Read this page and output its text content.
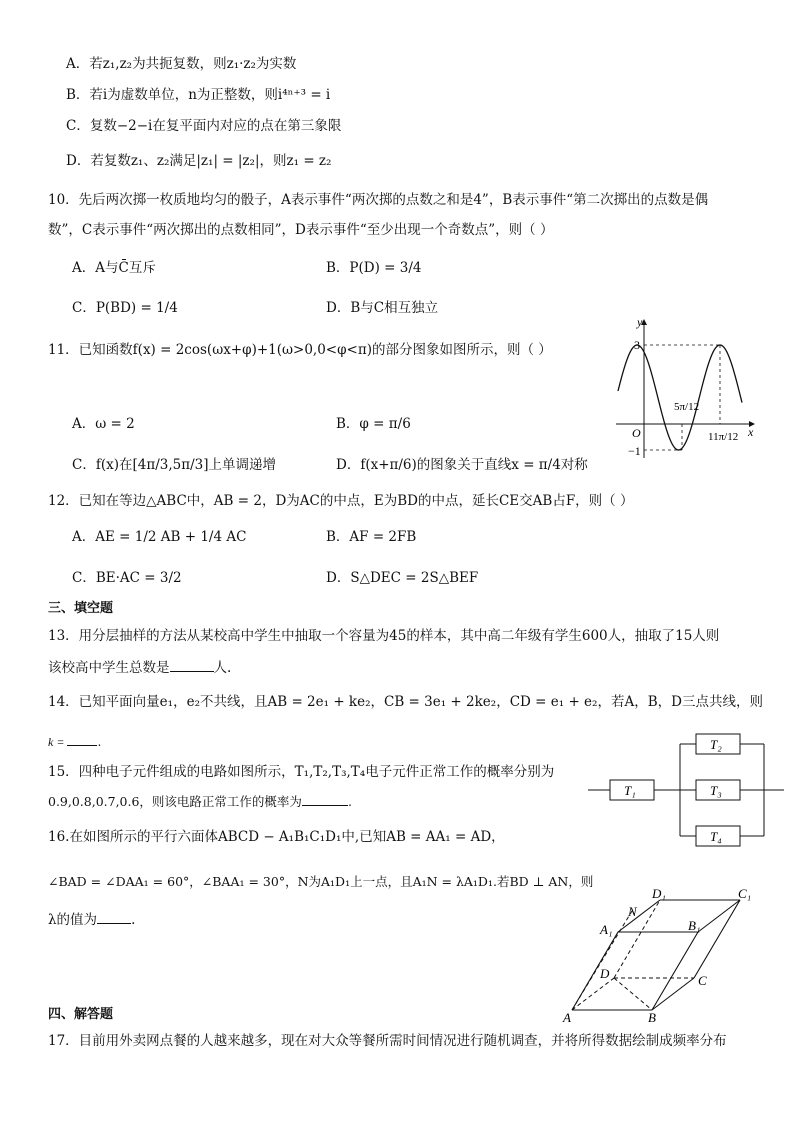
A．若z₁,z₂为共扼复数，则z₁·z₂为实数
B．若i为虚数单位，n为正整数，则i⁴ⁿ⁺³ = i
C．复数−2−i在复平面内对应的点在第三象限
D．若复数z₁、z₂满足|z₁| = |z₂|，则z₁ = z₂
10．先后两次掷一枚质地均匀的骰子，A表示事件“两次掷的点数之和是4”，B表示事件“第二次掷出的点数是偶
数”，C表示事件“两次掷出的点数相同”，D表示事件“至少出现一个奇数点”，则（ ）
A．A与C̄互斥	B．P(D) = 3/4
C．P(BD) = 1/4	D．B与C相互独立
11．已知函数f(x) = 2cos(ωx+φ)+1(ω>0,0<φ<π)的部分图象如图所示，则（ ）
A．ω = 2	B．φ = π/6
C．f(x)在[4π/3,5π/3]上单调递增	D．f(x+π/6)的图象关于直线x = π/4对称
y
x
O
3
−1
5π/12
11π/12
12．已知在等边△ABC中，AB = 2，D为AC的中点，E为BD的中点，延长CE交AB占F，则（ ）
A．AE = 1/2 AB + 1/4 AC	B．AF = 2FB
C．BE·AC = 3/2	D．S△DEC = 2S△BEF
三、填空题
13．用分层抽样的方法从某校高中学生中抽取一个容量为45的样本，其中高二年级有学生600人，抽取了15人则
该校高中学生总数是	人.
14．已知平面向量e₁，e₂不共线，且AB = 2e₁ + ke₂，CB = 3e₁ + 2ke₂，CD = e₁ + e₂，若A，B，D三点共线，则
k =	.
15．四种电子元件组成的电路如图所示，T₁,T₂,T₃,T₄电子元件正常工作的概率分别为
0.9,0.8,0.7,0.6，则该电路正常工作的概率为	.
T₁
T₂
T₃
T₄
16.在如图所示的平行六面体ABCD − A₁B₁C₁D₁中,已知AB = AA₁ = AD，
∠BAD = ∠DAA₁ = 60°，∠BAA₁ = 30°，N为A₁D₁上一点，且A₁N = λA₁D₁.若BD ⊥ AN，则
λ的值为	.
D₁	C₁
N
A₁	B₁
D	C
A	B
四、解答题
17．目前用外卖网点餐的人越来越多，现在对大众等餐所需时间情况进行随机调查，并将所得数据绘制成频率分布
